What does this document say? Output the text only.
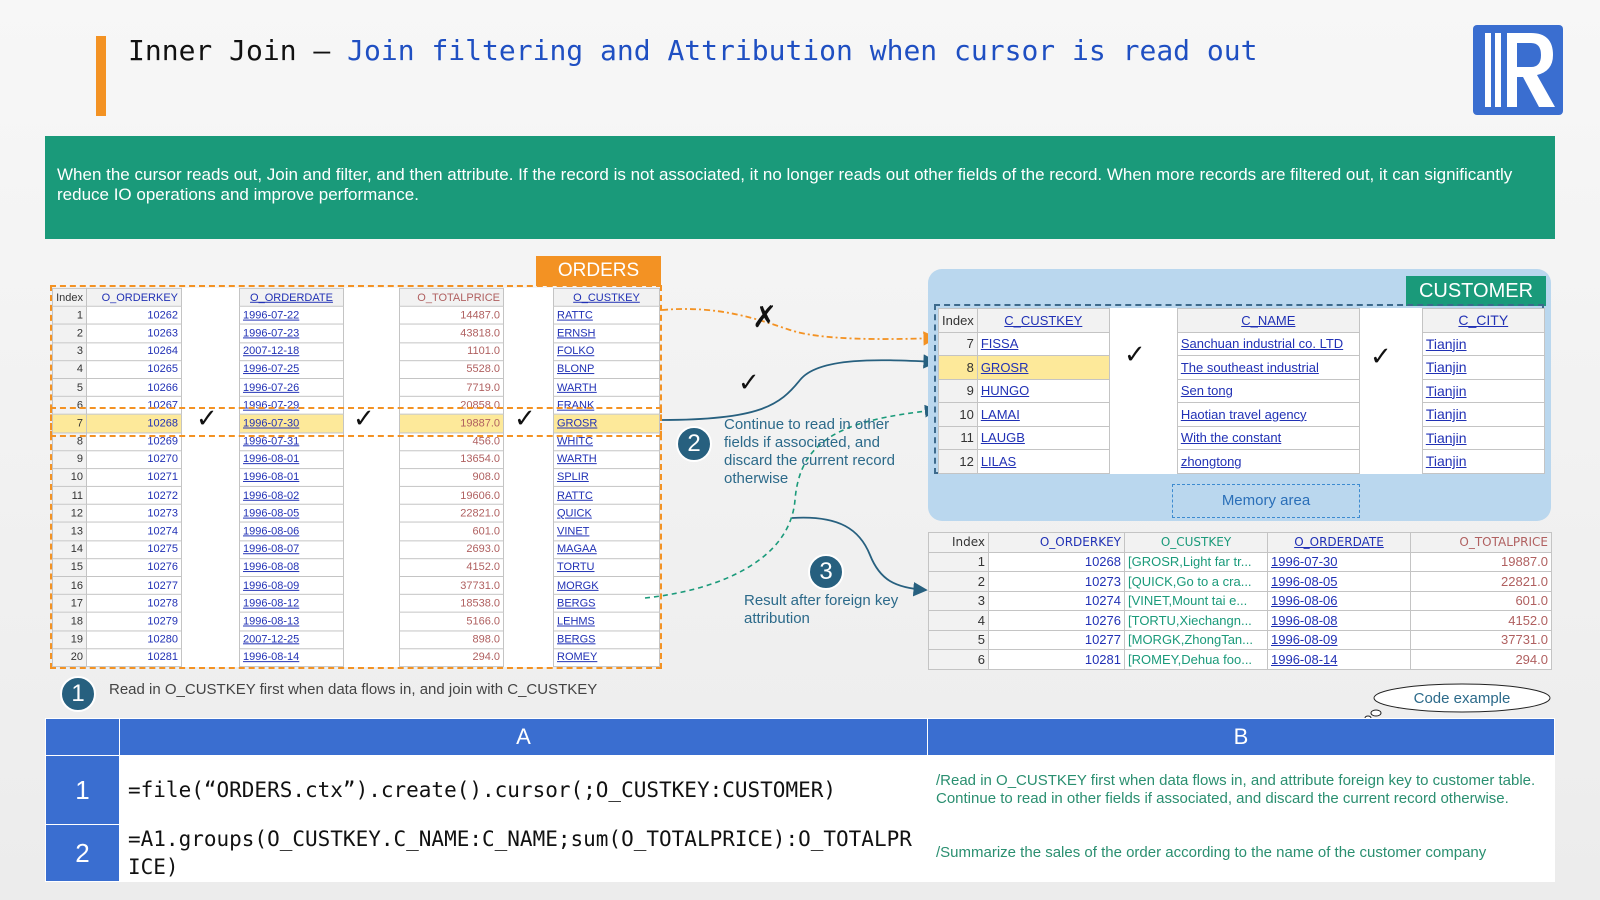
Inner Join — Join filtering and Attribution when cursor is read out
When the cursor reads out, Join and filter, and then attribute. If the record is not associated, it no longer reads out other fields of the record. When more records are filtered out, it can significantly reduce IO operations and improve performance.
ORDERS
Index	O_ORDERKEY		O_ORDERDATE		O_TOTALPRICE		O_CUSTKEY
1	10262		1996-07-22		14487.0		RATTC
2	10263		1996-07-23		43818.0		ERNSH
3	10264		2007-12-18		1101.0		FOLKO
4	10265		1996-07-25		5528.0		BLONP
5	10266		1996-07-26		7719.0		WARTH
6	10267		1996-07-29		20858.0		FRANK
7	10268		1996-07-30		19887.0		GROSR
8	10269		1996-07-31		456.0		WHITC
9	10270		1996-08-01		13654.0		WARTH
10	10271		1996-08-01		908.0		SPLIR
11	10272		1996-08-02		19606.0		RATTC
12	10273		1996-08-05		22821.0		QUICK
13	10274		1996-08-06		601.0		VINET
14	10275		1996-08-07		2693.0		MAGAA
15	10276		1996-08-08		4152.0		TORTU
16	10277		1996-08-09		37731.0		MORGK
17	10278		1996-08-12		18538.0		BERGS
18	10279		1996-08-13		5166.0		LEHMS
19	10280		2007-12-25		898.0		BERGS
20	10281		1996-08-14		294.0		ROMEY
✓	✓	✓
✗
✓
2
Continue to read in other fields if associated, and discard the current record otherwise
3
Result after foreign key attribution
1	Read in O_CUSTKEY first when data flows in, and join with C_CUSTKEY
CUSTOMER
Index	C_CUSTKEY		C_NAME		C_CITY
7	FISSA		Sanchuan industrial co. LTD		Tianjin
8	GROSR		The southeast industrial		Tianjin
9	HUNGO		Sen tong		Tianjin
10	LAMAI		Haotian travel agency		Tianjin
11	LAUGB		With the constant		Tianjin
12	LILAS		zhongtong		Tianjin
Memory area
✓	✓
Index	O_ORDERKEY	O_CUSTKEY	O_ORDERDATE	O_TOTALPRICE
1	10268	[GROSR,Light far tr...	1996-07-30	19887.0
2	10273	[QUICK,Go to a cra...	1996-08-05	22821.0
3	10274	[VINET,Mount tai e...	1996-08-06	601.0
4	10276	[TORTU,Xiechangn...	1996-08-08	4152.0
5	10277	[MORGK,ZhongTan...	1996-08-09	37731.0
6	10281	[ROMEY,Dehua foo...	1996-08-14	294.0
Code example
	A	B
1	=file(“ORDERS.ctx”).create().cursor(;O_CUSTKEY:CUSTOMER)	/Read in O_CUSTKEY first when data flows in, and attribute foreign key to customer table. Continue to read in other fields if associated, and discard the current record otherwise.
2	=A1.groups(O_CUSTKEY.C_NAME:C_NAME;sum(O_TOTALPRICE):O_TOTALPRICE)	/Summarize the sales of the order according to the name of the customer company
